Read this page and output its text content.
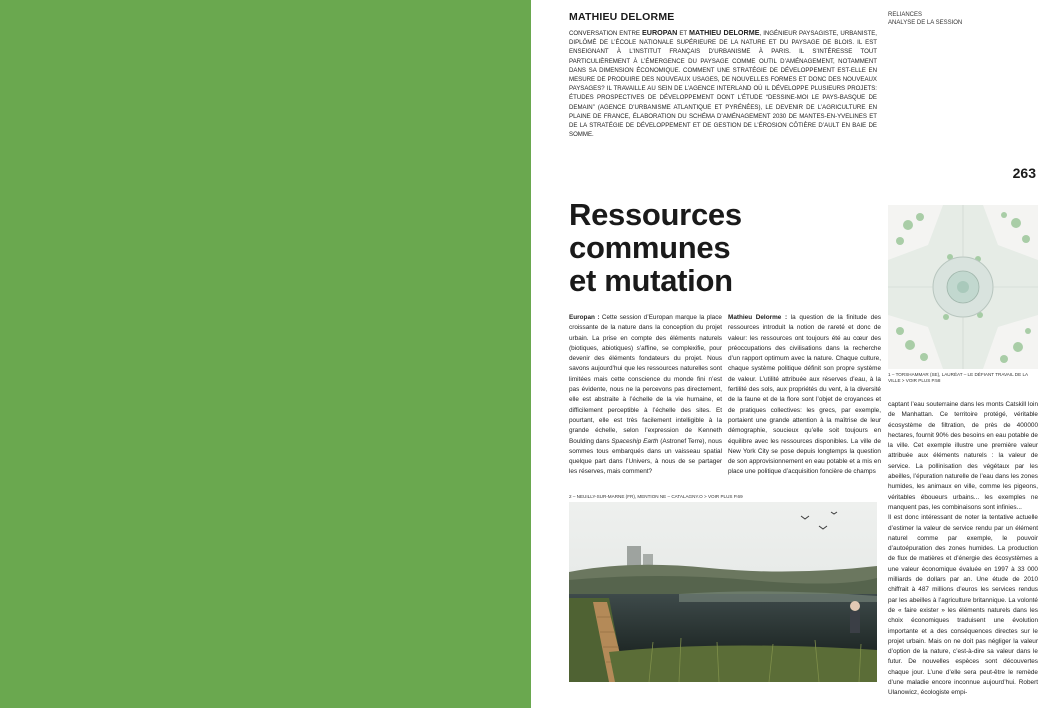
MATHIEU DELORME
CONVERSATION ENTRE EUROPAN ET MATHIEU DELORME, INGÉNIEUR PAYSAGISTE, URBANISTE, DIPLÔMÉ DE L’ÉCOLE NATIONALE SUPÉRIEURE DE LA NATURE ET DU PAYSAGE DE BLOIS. IL EST ENSEIGNANT À L’INSTITUT FRANÇAIS D’URBANISME À PARIS. IL S’INTÉRESSE TOUT PARTICULIÈREMENT À L’ÉMERGENCE DU PAYSAGE COMME OUTIL D’AMÉNAGEMENT, NOTAMMENT DANS SA DIMENSION ÉCONOMIQUE. COMMENT UNE STRATÉGIE DE DÉVELOPPEMENT EST-ELLE EN MESURE DE PRODUIRE DES NOUVEAUX USAGES, DE NOUVELLES FORMES ET DONC DES NOUVEAUX PAYSAGES? IL TRAVAILLE AU SEIN DE L’AGENCE INTERLAND OÙ IL DÉVELOPPE PLUSIEURS PROJETS: ÉTUDES PROSPECTIVES DE DÉVELOPPEMENT DONT L’ÉTUDE “DESSINE-MOI LE PAYS-BASQUE DE DEMAIN” (AGENCE D’URBANISME ATLANTIQUE ET PYRÉNÉES), LE DEVENIR DE L’AGRICULTURE EN PLAINE DE FRANCE, ÉLABORATION DU SCHÉMA D’AMÉNAGEMENT 2030 DE MANTES-EN-YVELINES ET DE LA STRATÉGIE DE DÉVELOPPEMENT ET DE GESTION DE L’ÉROSION CÔTIÈRE D’AULT EN BAIE DE SOMME.
RELIANCES
ANALYSE DE LA SESSION
263
Ressources
communes
et mutation
Europan : Cette session d’Europan marque la place croissante de la nature dans la conception du projet urbain. La prise en compte des éléments naturels (biotiques, abiotiques) s’affine, se complexifie, pour devenir des éléments fondateurs du projet. Nous savons aujourd’hui que les ressources naturelles sont limitées mais cette conscience du monde fini n’est pas évidente, nous ne la percevons pas directement, elle est abstraite à l’échelle de la vie humaine, et difficilement perceptible à l’échelle des sites. Et pourtant, elle est très facilement intelligible à la grande échelle, selon l’expression de Kenneth Boulding dans Spaceship Earth (Astronef Terre), nous sommes tous embarqués dans un vaisseau spatial quelque part dans l’Univers, à nous de se partager les réserves, mais comment?
Mathieu Delorme : la question de la finitude des ressources introduit la notion de rareté et donc de valeur: les ressources ont toujours été au cœur des préoccupations des civilisations dans la recherche d’un rapport optimum avec la nature. Chaque culture, chaque système politique définit son propre système de valeur. L’utilité attribuée aux réserves d’eau, à la fertilité des sols, aux propriétés du vent, à la diversité de la faune et de la flore sont l’objet de croyances et de pratiques collectives: les grecs, par exemple, portaient une grande attention à la maîtrise de leur démographie, soucieux qu’elle soit toujours en équilibre avec les ressources disponibles. La ville de New York City se pose depuis longtemps la question de son approvisionnement en eau potable et a mis en place une politique d’acquisition foncière de champs
1 – TORSHAMMAR (SE), LAURÉAT – LE DÉFIANT TRAVAIL DE LA VILLE > VOIR PLUS P.58
captant l’eau souterraine dans les monts Catskill loin de Manhattan. Ce territoire protégé, véritable écosystème de filtration, de près de 400000 hectares, fournit 90% des besoins en eau potable de la ville. Cet exemple illustre une première valeur attribuée aux éléments naturels : la valeur de service. La pollinisation des végétaux par les abeilles, l’épuration naturelle de l’eau dans les zones humides, les animaux en ville, comme les pigeons, véritables éboueurs urbains... les exemples ne manquent pas, les combinaisons sont infinies...
Il est donc intéressant de noter la tentative actuelle d’estimer la valeur de service rendu par un élément naturel comme par exemple, le pouvoir d’autoépuration des zones humides. La production de flux de matières et d’énergie des écosystèmes a une valeur économique évaluée en 1997 à 33 000 milliards de dollars par an. Une étude de 2010 chiffrait à 487 millions d’euros les services rendus par les abeilles à l’agriculture britannique. La volonté de « faire exister » les éléments naturels dans les choix économiques traduisent une évolution importante et a des conséquences directes sur le projet urbain. Mais on ne doit pas négliger la valeur d’option de la nature, c’est-à-dire sa valeur dans le futur. De nouvelles espèces sont découvertes chaque jour. L’une d’elle sera peut-être le remède d’une maladie encore inconnue aujourd’hui. Robert Ulanowicz, écologiste empi-
2 – NEUILLY-SUR-MARNE (FR), MENTION NE – CATALAGNY.O > VOIR PLUS P.69
